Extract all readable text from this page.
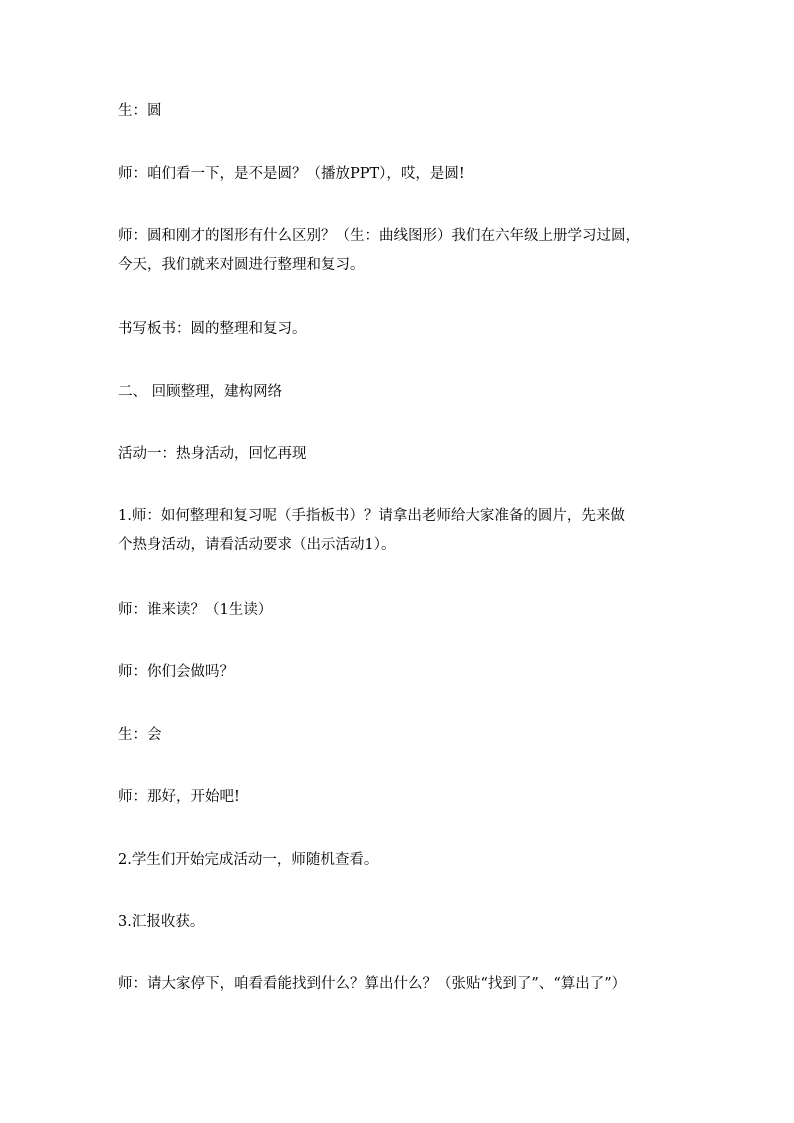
生：圆

师：咱们看一下，是不是圆？（播放PPT），哎，是圆!

师：圆和刚才的图形有什么区别？（生：曲线图形）我们在六年级上册学习过圆，
今天，我们就来对圆进行整理和复习。

书写板书：圆的整理和复习。

二、 回顾整理，建构网络

活动一：热身活动，回忆再现

1.师：如何整理和复习呢（手指板书）？请拿出老师给大家准备的圆片，先来做
个热身活动，请看活动要求（出示活动1）。

师：谁来读？（1生读）

师：你们会做吗？

生：会

师：那好，开始吧!

2.学生们开始完成活动一，师随机查看。

3.汇报收获。

师：请大家停下，咱看看能找到什么？算出什么？（张贴“找到了”、“算出了”）
